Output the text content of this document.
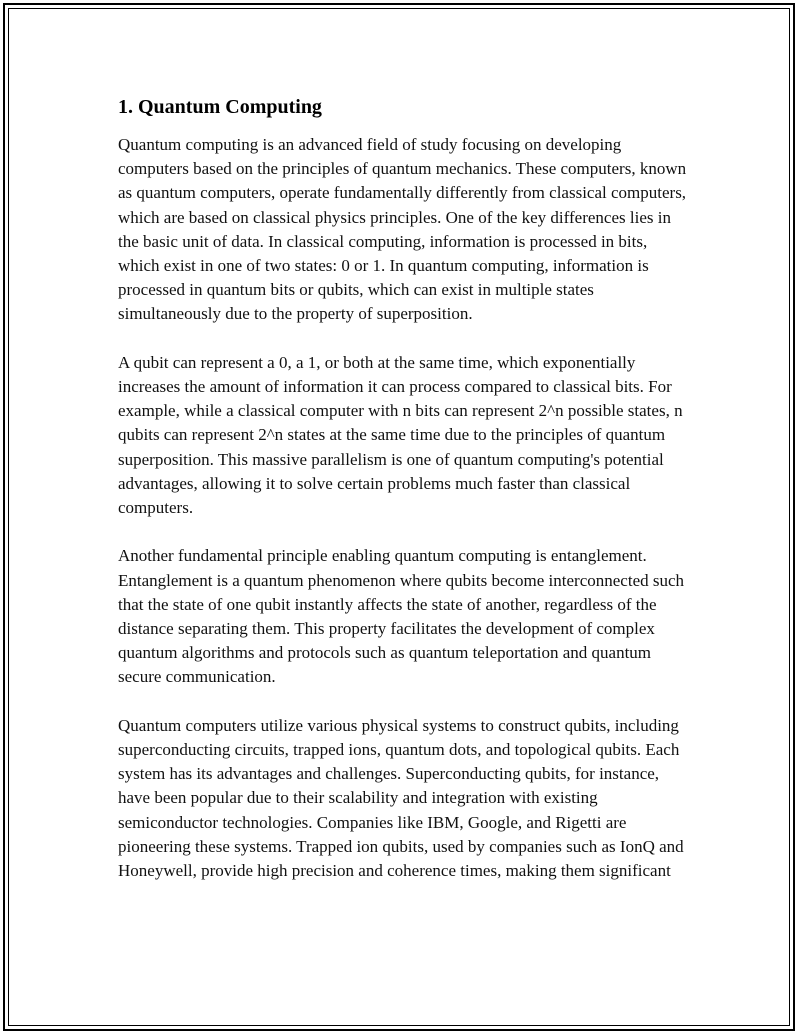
1. Quantum Computing

Quantum computing is an advanced field of study focusing on developing computers based on the principles of quantum mechanics. These computers, known as quantum computers, operate fundamentally differently from classical computers, which are based on classical physics principles. One of the key differences lies in the basic unit of data. In classical computing, information is processed in bits, which exist in one of two states: 0 or 1. In quantum computing, information is processed in quantum bits or qubits, which can exist in multiple states simultaneously due to the property of superposition.

A qubit can represent a 0, a 1, or both at the same time, which exponentially increases the amount of information it can process compared to classical bits. For example, while a classical computer with n bits can represent 2^n possible states, n qubits can represent 2^n states at the same time due to the principles of quantum superposition. This massive parallelism is one of quantum computing's potential advantages, allowing it to solve certain problems much faster than classical computers.

Another fundamental principle enabling quantum computing is entanglement. Entanglement is a quantum phenomenon where qubits become interconnected such that the state of one qubit instantly affects the state of another, regardless of the distance separating them. This property facilitates the development of complex quantum algorithms and protocols such as quantum teleportation and quantum secure communication.

Quantum computers utilize various physical systems to construct qubits, including superconducting circuits, trapped ions, quantum dots, and topological qubits. Each system has its advantages and challenges. Superconducting qubits, for instance, have been popular due to their scalability and integration with existing semiconductor technologies. Companies like IBM, Google, and Rigetti are pioneering these systems. Trapped ion qubits, used by companies such as IonQ and Honeywell, provide high precision and coherence times, making them significant
